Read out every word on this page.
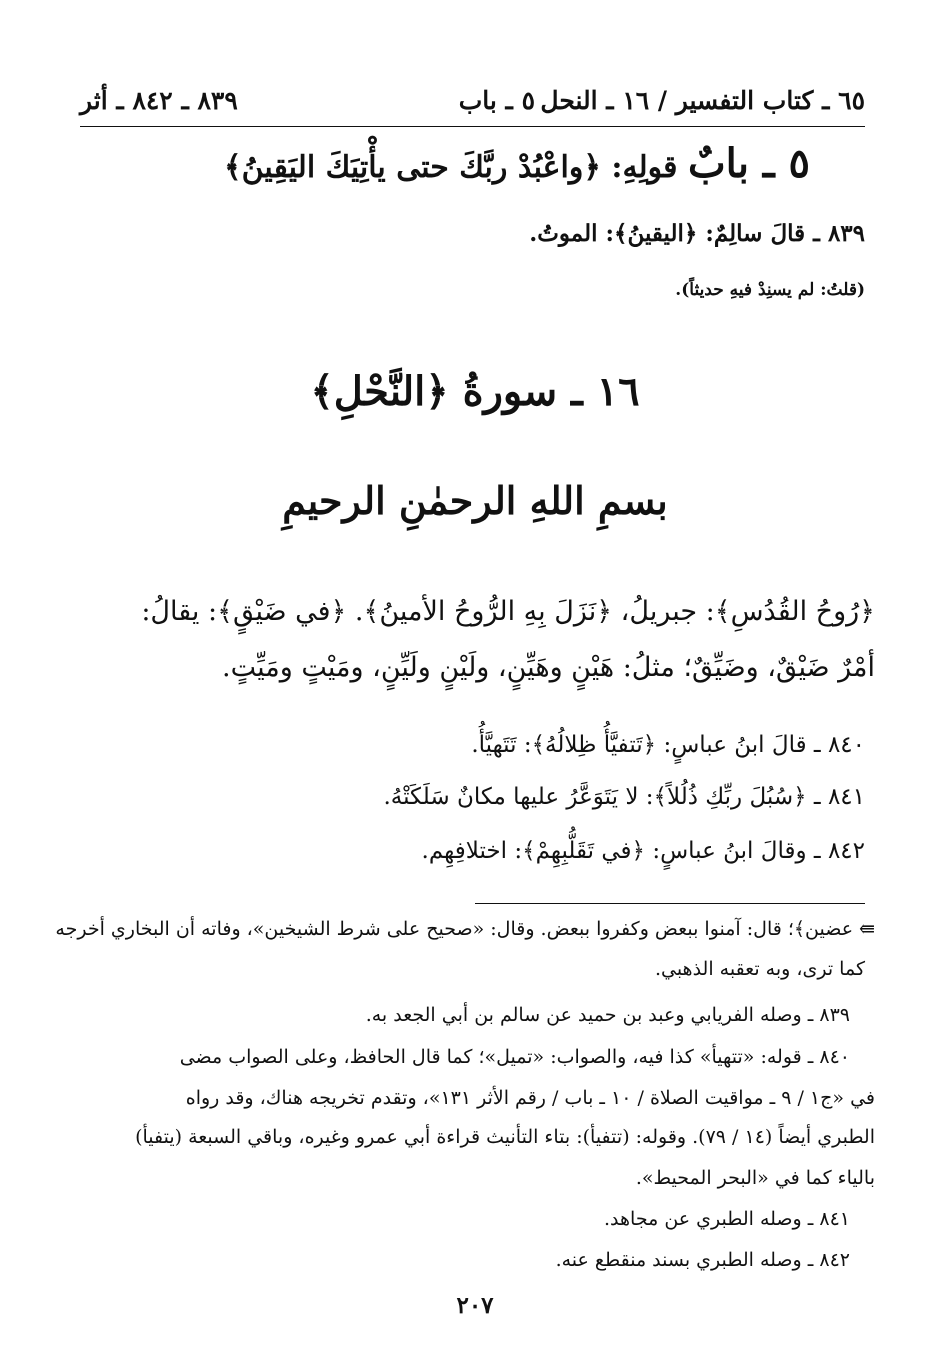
٦٥ ـ كتاب التفسير / ١٦ ـ النحل
٥ ـ باب
٨٣٩ ـ ٨٤٢ ـ أثر
٥ ـ بابٌ قولِهِ: ﴿واعْبُدْ ربَّكَ حتى يأْتِيَكَ اليَقِينُ﴾
٨٣٩ ـ قالَ سالِمٌ: ﴿اليقينُ﴾: الموتُ.
(قلتُ: لم يسنِدْ فيهِ حديثاً).
١٦ ـ سورةُ ﴿النَّحْلِ﴾
بسمِ اللهِ الرحمٰنِ الرحيمِ
﴿رُوحُ القُدُسِ﴾: جبريلُ، ﴿نَزَلَ بِهِ الرُّوحُ الأمينُ﴾. ﴿في ضَيْقٍ﴾: يقالُ:
أمْرٌ ضَيْقٌ، وضَيِّقٌ؛ مثلُ: هَيْنٍ وهَيِّنٍ، ولَيْنٍ ولَيِّنٍ، ومَيْتٍ ومَيِّتٍ.
٨٤٠ ـ قالَ ابنُ عباسٍ: ﴿تَتفيَّأُ ظِلالُهُ﴾: تَتَهيَّأُ.
٨٤١ ـ ﴿سُبُلَ ربِّكِ ذُلُلاً﴾: لا يَتَوَعَّرُ عليها مكانٌ سَلَكَتْهُ.
٨٤٢ ـ وقالَ ابنُ عباسٍ: ﴿في تَقَلُّبِهِمْ﴾: اختلافِهِم.
⇚ عضين﴾؛ قال: آمنوا ببعض وكفروا ببعض. وقال: «صحيح على شرط الشيخين»، وفاته أن البخاري أخرجه
كما ترى، وبه تعقبه الذهبي.
٨٣٩ ـ وصله الفريابي وعبد بن حميد عن سالم بن أبي الجعد به.
٨٤٠ ـ قوله: «تتهيأ» كذا فيه، والصواب: «تميل»؛ كما قال الحافظ، وعلى الصواب مضى
في «ج١ / ٩ ـ مواقيت الصلاة / ١٠ ـ باب / رقم الأثر ١٣١»، وتقدم تخريجه هناك، وقد رواه
الطبري أيضاً (١٤ / ٧٩). وقوله: (تتفيأ): بتاء التأنيث قراءة أبي عمرو وغيره، وباقي السبعة (يتفيأ)
بالياء كما في «البحر المحيط».
٨٤١ ـ وصله الطبري عن مجاهد.
٨٤٢ ـ وصله الطبري بسند منقطع عنه.
٢٠٧
